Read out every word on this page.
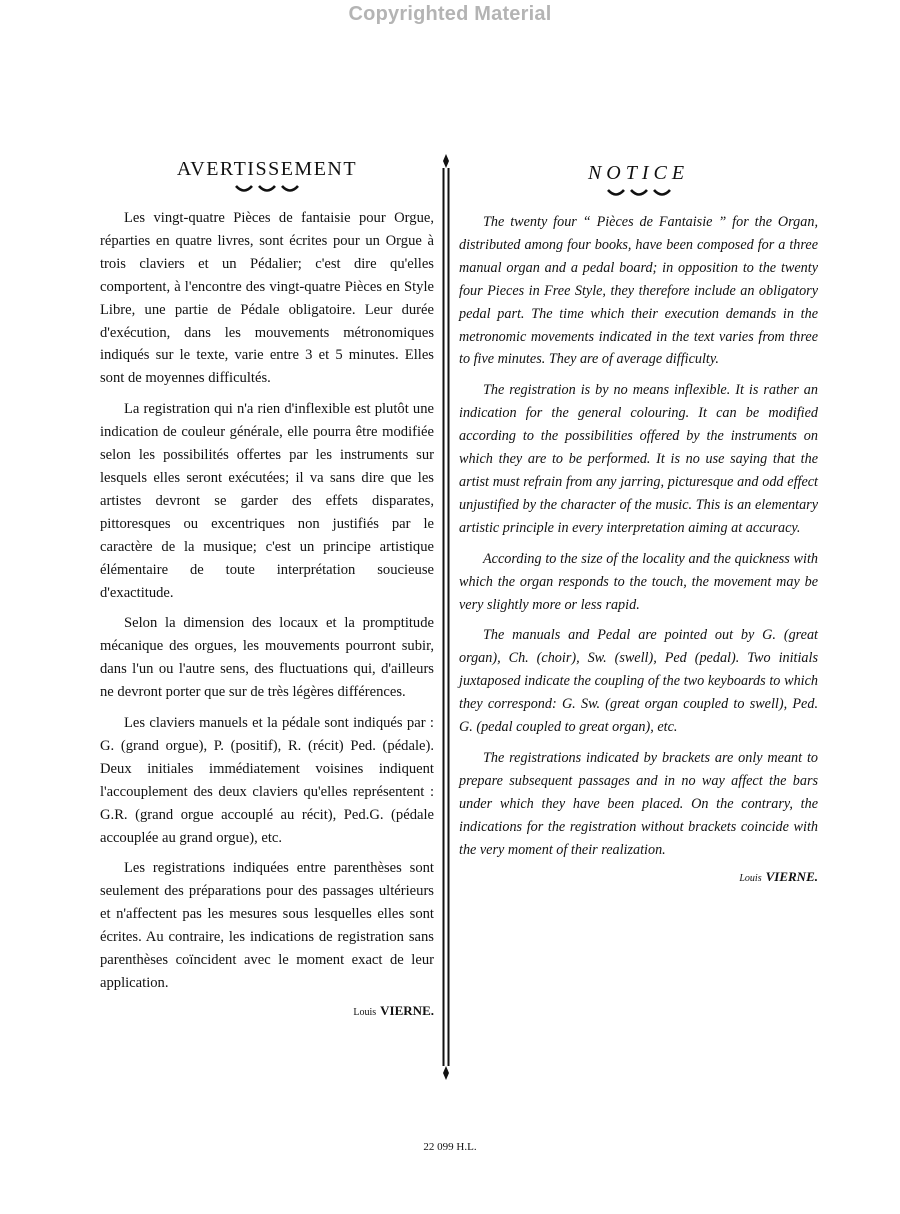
Copyrighted Material
AVERTISSEMENT

Les vingt-quatre Pièces de fantaisie pour Orgue, réparties en quatre livres, sont écrites pour un Orgue à trois claviers et un Pédalier; c'est dire qu'elles comportent, à l'encontre des vingt-quatre Pièces en Style Libre, une partie de Pédale obligatoire. Leur durée d'exécution, dans les mouvements métronomiques indiqués sur le texte, varie entre 3 et 5 minutes. Elles sont de moyennes difficultés.

La registration qui n'a rien d'inflexible est plutôt une indication de couleur générale, elle pourra être modifiée selon les possibilités offertes par les instruments sur lesquels elles seront exécutées; il va sans dire que les artistes devront se garder des effets disparates, pittoresques ou excentriques non justifiés par le caractère de la musique; c'est un principe artistique élémentaire de toute interprétation soucieuse d'exactitude.

Selon la dimension des locaux et la promptitude mécanique des orgues, les mouvements pourront subir, dans l'un ou l'autre sens, des fluctuations qui, d'ailleurs ne devront porter que sur de très légères différences.

Les claviers manuels et la pédale sont indiqués par : G. (grand orgue), P. (positif), R. (récit) Ped. (pédale). Deux initiales immédiatement voisines indiquent l'accouplement des deux claviers qu'elles représentent : G.R. (grand orgue accouplé au récit), Ped.G. (pédale accouplée au grand orgue), etc.

Les registrations indiquées entre parenthèses sont seulement des préparations pour des passages ultérieurs et n'affectent pas les mesures sous lesquelles elles sont écrites. Au contraire, les indications de registration sans parenthèses coïncident avec le moment exact de leur application.

Louis VIERNE.
NOTICE

The twenty four “ Pièces de Fantaisie ” for the Organ, distributed among four books, have been composed for a three manual organ and a pedal board; in opposition to the twenty four Pieces in Free Style, they therefore include an obligatory pedal part. The time which their execution demands in the metronomic movements indicated in the text varies from three to five minutes. They are of average difficulty.

The registration is by no means inflexible. It is rather an indication for the general colouring. It can be modified according to the possibilities offered by the instruments on which they are to be performed. It is no use saying that the artist must refrain from any jarring, picturesque and odd effect unjustified by the character of the music. This is an elementary artistic principle in every interpretation aiming at accuracy.

According to the size of the locality and the quickness with which the organ responds to the touch, the movement may be very slightly more or less rapid.

The manuals and Pedal are pointed out by G. (great organ), Ch. (choir), Sw. (swell), Ped (pedal). Two initials juxtaposed indicate the coupling of the two keyboards to which they correspond: G. Sw. (great organ coupled to swell), Ped. G. (pedal coupled to great organ), etc.

The registrations indicated by brackets are only meant to prepare subsequent passages and in no way affect the bars under which they have been placed. On the contrary, the indications for the registration without brackets coincide with the very moment of their realization.

Louis VIERNE.
22 099 H.L.
